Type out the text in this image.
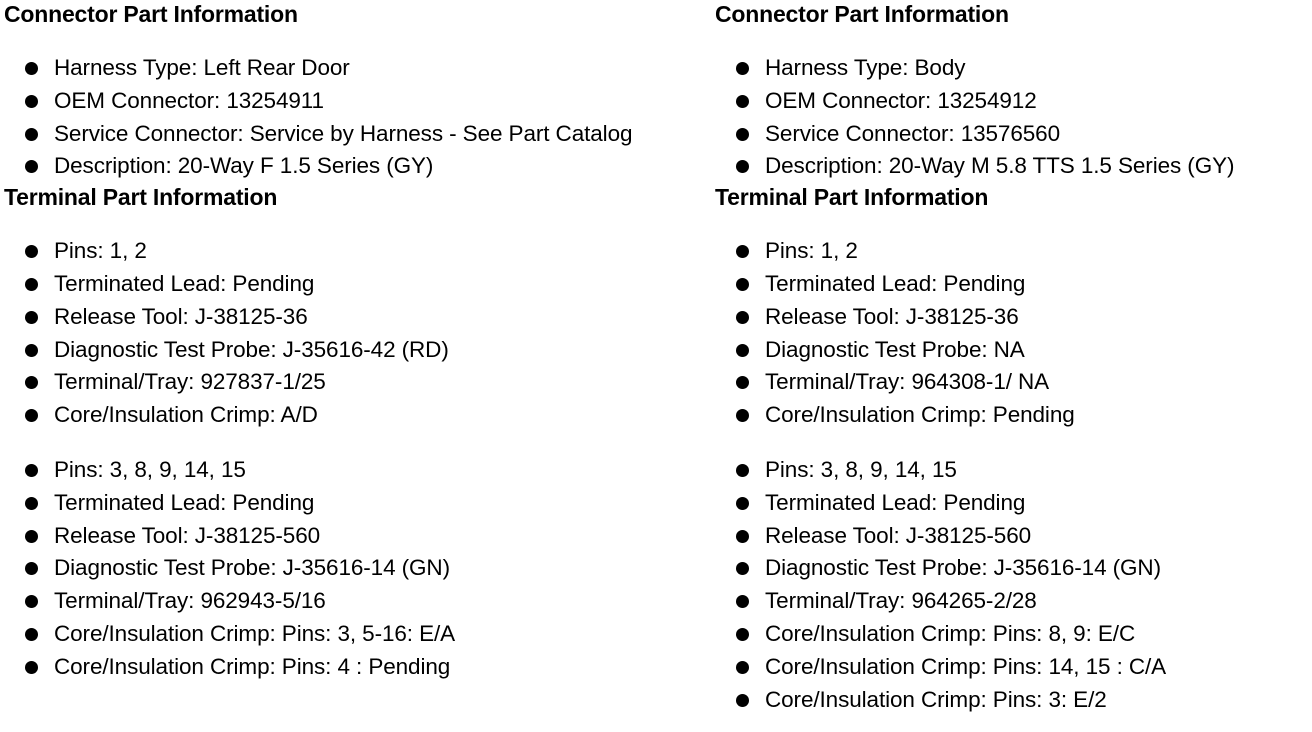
Connector Part Information
Harness Type: Left Rear Door
OEM Connector: 13254911
Service Connector: Service by Harness - See Part Catalog
Description: 20-Way F 1.5 Series (GY)
Terminal Part Information
Pins: 1, 2
Terminated Lead: Pending
Release Tool: J-38125-36
Diagnostic Test Probe: J-35616-42 (RD)
Terminal/Tray: 927837-1/25
Core/Insulation Crimp: A/D
Pins: 3, 8, 9, 14, 15
Terminated Lead: Pending
Release Tool: J-38125-560
Diagnostic Test Probe: J-35616-14 (GN)
Terminal/Tray: 962943-5/16
Core/Insulation Crimp: Pins: 3, 5-16: E/A
Core/Insulation Crimp: Pins: 4 : Pending
Connector Part Information
Harness Type: Body
OEM Connector: 13254912
Service Connector: 13576560
Description: 20-Way M 5.8 TTS 1.5 Series (GY)
Terminal Part Information
Pins: 1, 2
Terminated Lead: Pending
Release Tool: J-38125-36
Diagnostic Test Probe: NA
Terminal/Tray: 964308-1/ NA
Core/Insulation Crimp: Pending
Pins: 3, 8, 9, 14, 15
Terminated Lead: Pending
Release Tool: J-38125-560
Diagnostic Test Probe: J-35616-14 (GN)
Terminal/Tray: 964265-2/28
Core/Insulation Crimp: Pins: 8, 9: E/C
Core/Insulation Crimp: Pins: 14, 15 : C/A
Core/Insulation Crimp: Pins: 3: E/2
